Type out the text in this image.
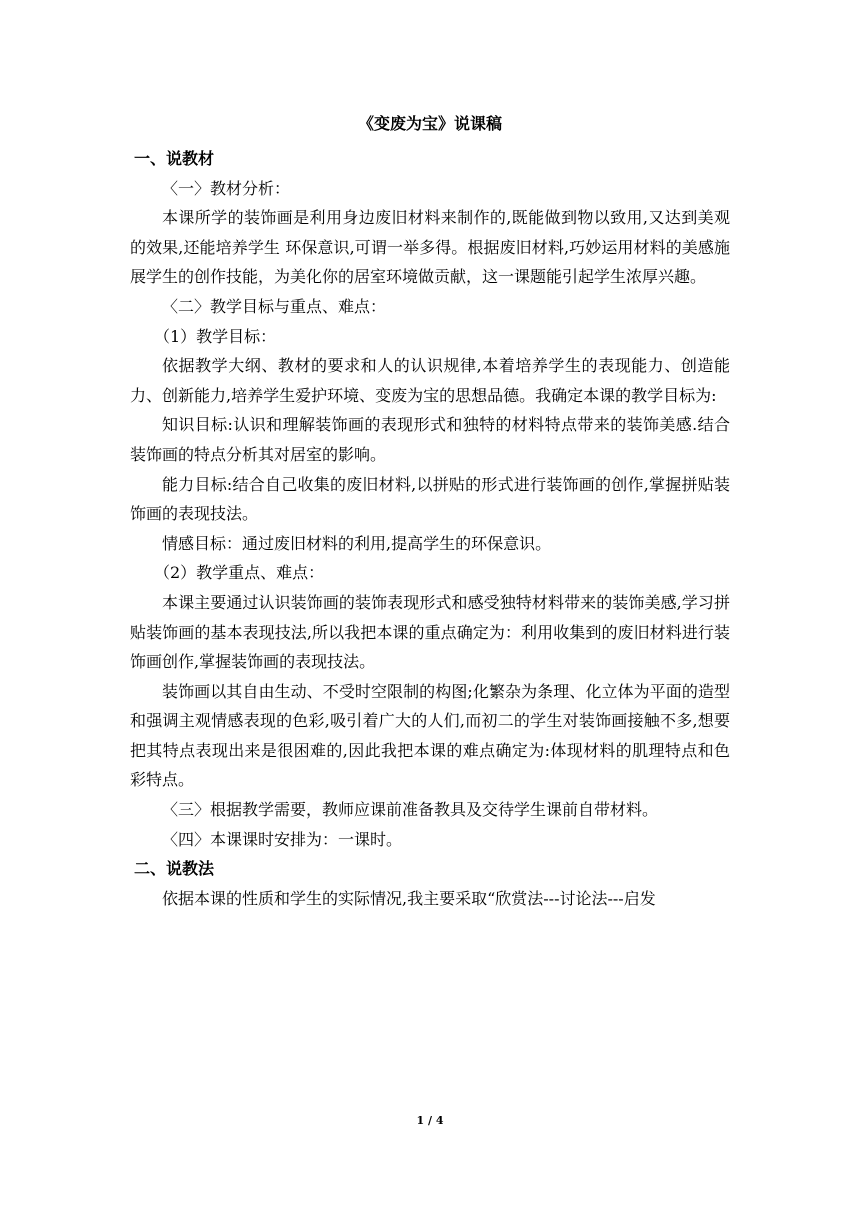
《变废为宝》说课稿

一、说教材

〈一〉教材分析：

本课所学的装饰画是利用身边废旧材料来制作的,既能做到物以致用,又达到美观的效果,还能培养学生 环保意识,可谓一举多得。根据废旧材料,巧妙运用材料的美感施展学生的创作技能，为美化你的居室环境做贡献，这一课题能引起学生浓厚兴趣。

〈二〉教学目标与重点、难点：

（1）教学目标：

依据教学大纲、教材的要求和人的认识规律,本着培养学生的表现能力、创造能力、创新能力,培养学生爱护环境、变废为宝的思想品德。我确定本课的教学目标为:

知识目标:认识和理解装饰画的表现形式和独特的材料特点带来的装饰美感.结合装饰画的特点分析其对居室的影响。

能力目标:结合自己收集的废旧材料,以拼贴的形式进行装饰画的创作,掌握拼贴装饰画的表现技法。

情感目标：通过废旧材料的利用,提高学生的环保意识。

（2）教学重点、难点：

本课主要通过认识装饰画的装饰表现形式和感受独特材料带来的装饰美感,学习拼贴装饰画的基本表现技法,所以我把本课的重点确定为：利用收集到的废旧材料进行装饰画创作,掌握装饰画的表现技法。

装饰画以其自由生动、不受时空限制的构图;化繁杂为条理、化立体为平面的造型和强调主观情感表现的色彩,吸引着广大的人们,而初二的学生对装饰画接触不多,想要把其特点表现出来是很困难的,因此我把本课的难点确定为:体现材料的肌理特点和色彩特点。

〈三〉根据教学需要，教师应课前准备教具及交待学生课前自带材料。

〈四〉本课课时安排为：一课时。

二、说教法

依据本课的性质和学生的实际情况,我主要采取“欣赏法---讨论法---启发

1 / 4
